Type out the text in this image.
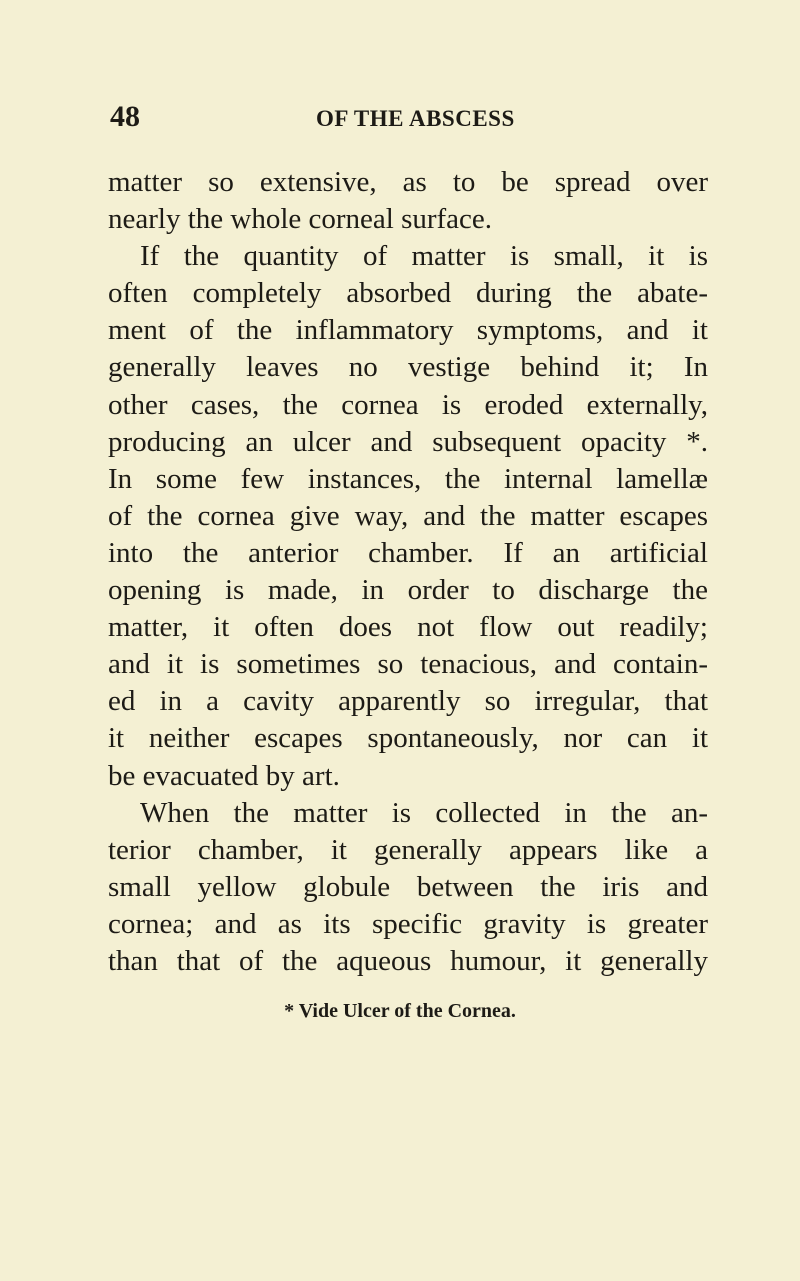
48	OF THE ABSCESS
matter so extensive, as to be spread over
nearly the whole corneal surface.
If the quantity of matter is small, it is
often completely absorbed during the abate-
ment of the inflammatory symptoms, and it
generally leaves no vestige behind it; In
other cases, the cornea is eroded externally,
producing an ulcer and subsequent opacity *.
In some few instances, the internal lamellæ
of the cornea give way, and the matter escapes
into the anterior chamber. If an artificial
opening is made, in order to discharge the
matter, it often does not flow out readily;
and it is sometimes so tenacious, and contain-
ed in a cavity apparently so irregular, that
it neither escapes spontaneously, nor can it
be evacuated by art.
When the matter is collected in the an-
terior chamber, it generally appears like a
small yellow globule between the iris and
cornea; and as its specific gravity is greater
than that of the aqueous humour, it generally
* Vide Ulcer of the Cornea.
